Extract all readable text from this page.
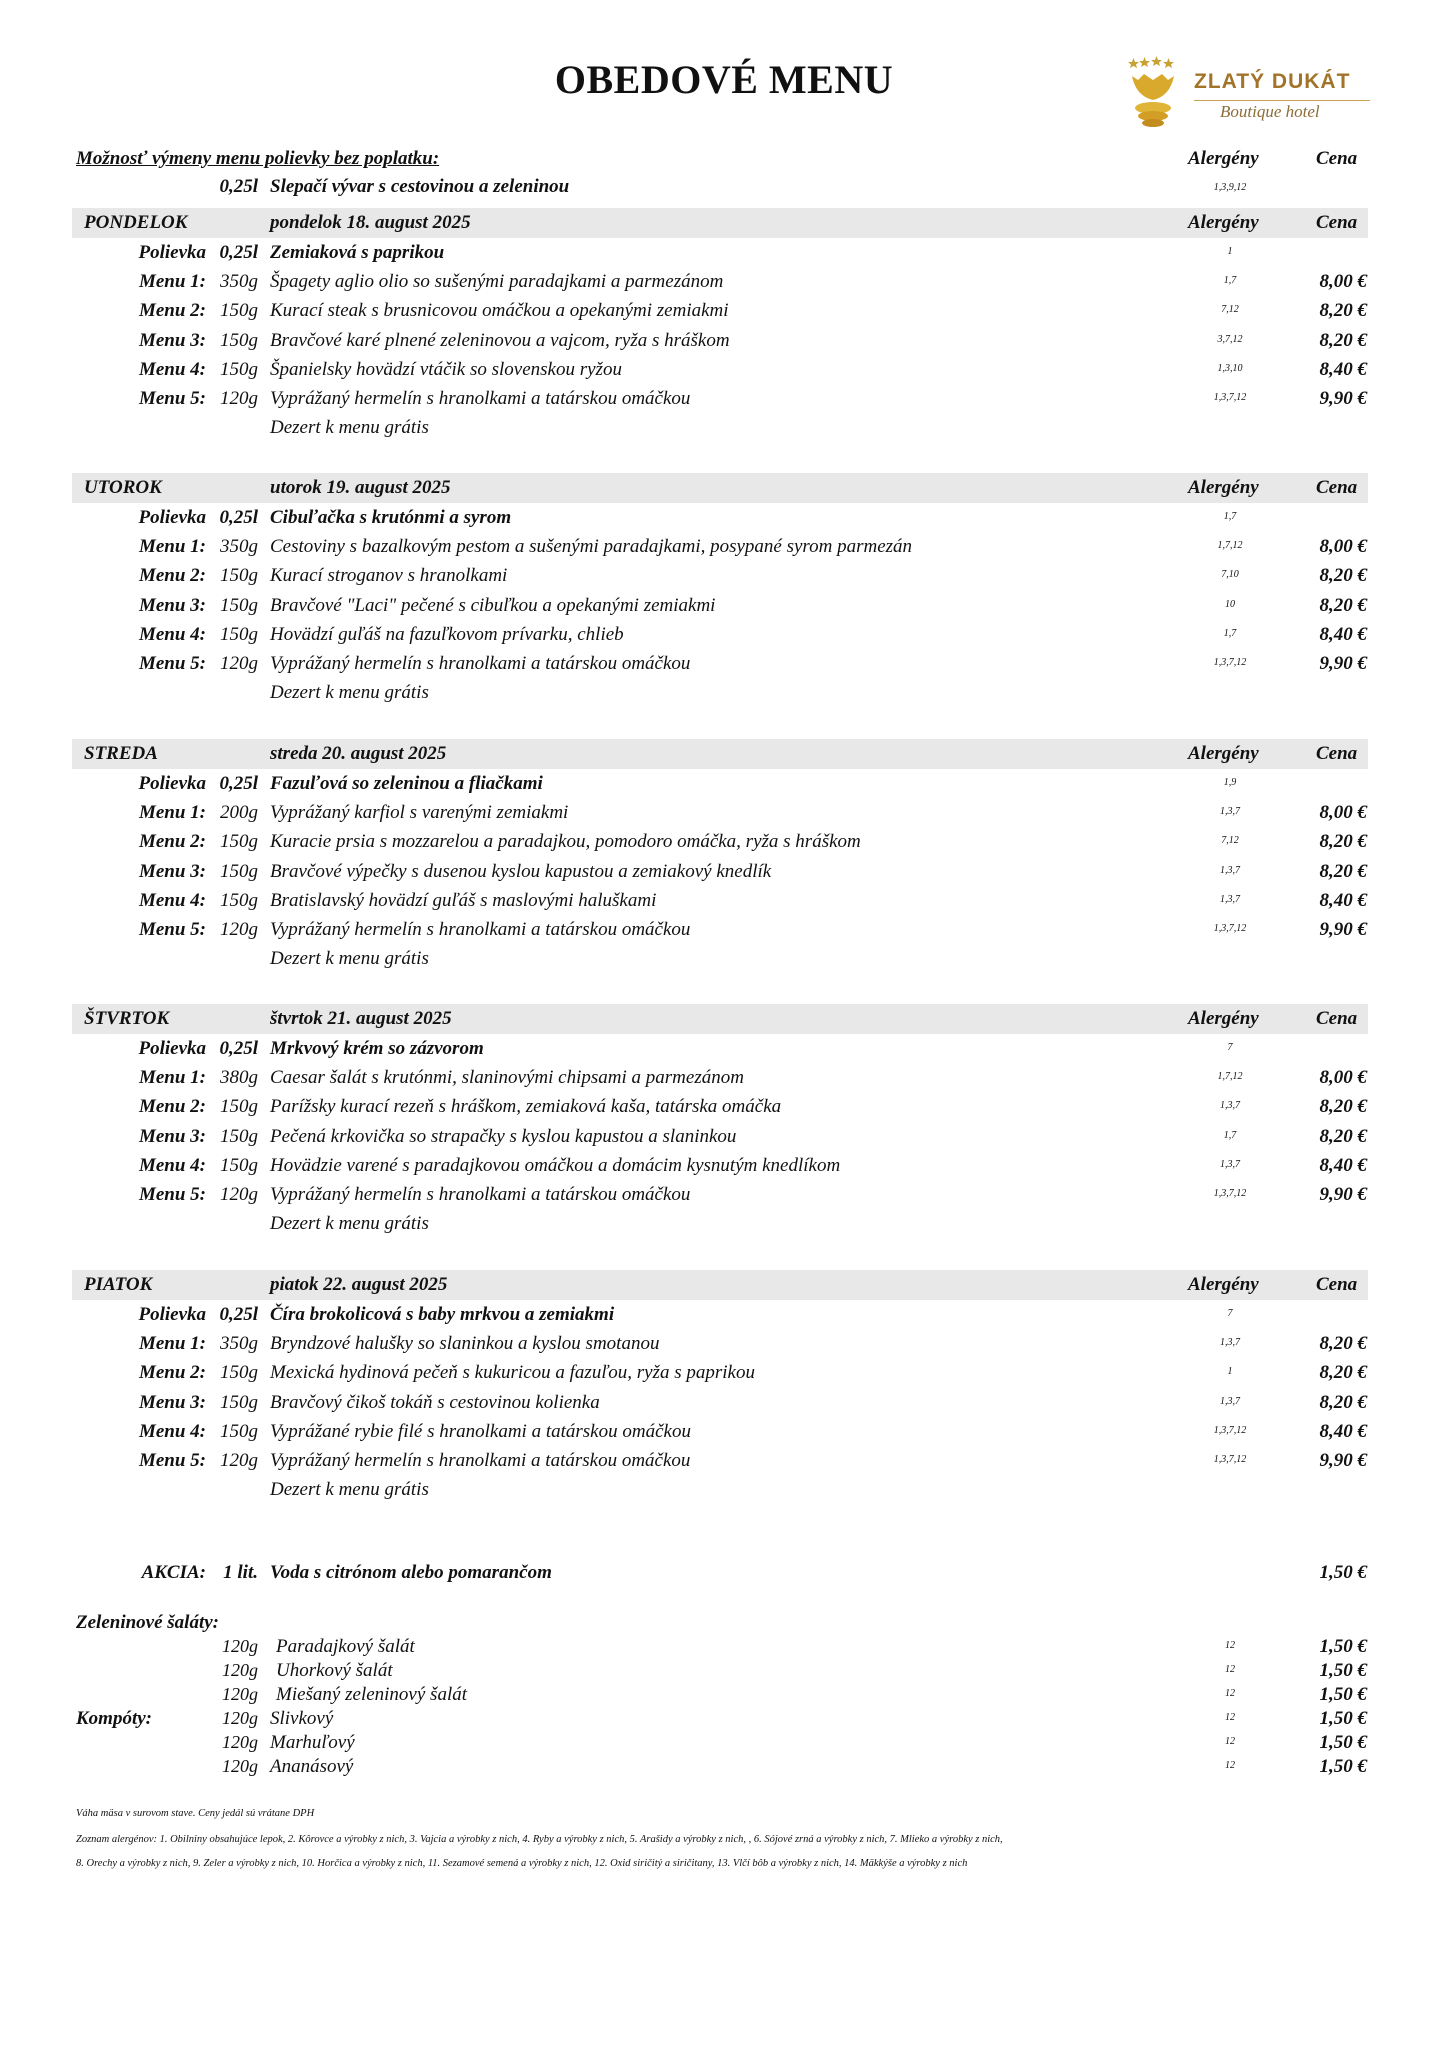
OBEDOVÉ MENU	ZLATÝ DUKÁT
Boutique hotel
Možnosť výmeny menu polievky bez poplatku:	Alergény	Cena
0,25l Slepačí vývar s cestovinou a zeleninou	1,3,9,12
PONDELOK	pondelok 18. august 2025	Alergény	Cena
Polievka 0,25l Zemiaková s paprikou	1
Menu 1: 350g Špagety aglio olio so sušenými paradajkami a parmezánom	1,7	8,00 €
Menu 2: 150g Kurací steak s brusnicovou omáčkou a opekanými zemiakmi	7,12	8,20 €
Menu 3: 150g Bravčové karé plnené zeleninovou a vajcom, ryža s hráškom	3,7,12	8,20 €
Menu 4: 150g Španielsky hovädzí vtáčik so slovenskou ryžou	1,3,10	8,40 €
Menu 5: 120g Vyprážaný hermelín s hranolkami a tatárskou omáčkou	1,3,7,12	9,90 €
Dezert k menu grátis
UTOROK	utorok 19. august 2025	Alergény	Cena
Polievka 0,25l Cibuľačka s krutónmi a syrom	1,7
Menu 1: 350g Cestoviny s bazalkovým pestom a sušenými paradajkami, posypané syrom parmezán	1,7,12	8,00 €
Menu 2: 150g Kurací stroganov s hranolkami	7,10	8,20 €
Menu 3: 150g Bravčové "Laci" pečené s cibuľkou a opekanými zemiakmi	10	8,20 €
Menu 4: 150g Hovädzí guľáš na fazuľkovom prívarku, chlieb	1,7	8,40 €
Menu 5: 120g Vyprážaný hermelín s hranolkami a tatárskou omáčkou	1,3,7,12	9,90 €
Dezert k menu grátis
STREDA	streda 20. august 2025	Alergény	Cena
Polievka 0,25l Fazuľová so zeleninou a fliačkami	1,9
Menu 1: 200g Vyprážaný karfiol s varenými zemiakmi	1,3,7	8,00 €
Menu 2: 150g Kuracie prsia s mozzarelou a paradajkou, pomodoro omáčka, ryža s hráškom	7,12	8,20 €
Menu 3: 150g Bravčové výpečky s dusenou kyslou kapustou a zemiakový knedlík	1,3,7	8,20 €
Menu 4: 150g Bratislavský hovädzí guľáš s maslovými haluškami	1,3,7	8,40 €
Menu 5: 120g Vyprážaný hermelín s hranolkami a tatárskou omáčkou	1,3,7,12	9,90 €
Dezert k menu grátis
ŠTVRTOK	štvrtok 21. august 2025	Alergény	Cena
Polievka 0,25l Mrkvový krém so zázvorom	7
Menu 1: 380g Caesar šalát s krutónmi, slaninovými chipsami a parmezánom	1,7,12	8,00 €
Menu 2: 150g Parížsky kurací rezeň s hráškom, zemiaková kaša, tatárska omáčka	1,3,7	8,20 €
Menu 3: 150g Pečená krkovička so strapačky s kyslou kapustou a slaninkou	1,7	8,20 €
Menu 4: 150g Hovädzie varené s paradajkovou omáčkou a domácim kysnutým knedlíkom	1,3,7	8,40 €
Menu 5: 120g Vyprážaný hermelín s hranolkami a tatárskou omáčkou	1,3,7,12	9,90 €
Dezert k menu grátis
PIATOK	piatok 22. august 2025	Alergény	Cena
Polievka 0,25l Číra brokolicová s baby mrkvou a zemiakmi	7
Menu 1: 350g Bryndzové halušky so slaninkou a kyslou smotanou	1,3,7	8,20 €
Menu 2: 150g Mexická hydinová pečeň s kukuricou a fazuľou, ryža s paprikou	1	8,20 €
Menu 3: 150g Bravčový čikoš tokáň s cestovinou kolienka	1,3,7	8,20 €
Menu 4: 150g Vyprážané rybie filé s hranolkami a tatárskou omáčkou	1,3,7,12	8,40 €
Menu 5: 120g Vyprážaný hermelín s hranolkami a tatárskou omáčkou	1,3,7,12	9,90 €
Dezert k menu grátis
AKCIA: 1 lit. Voda s citrónom alebo pomarančom	1,50 €
Zeleninové šaláty:
Kompóty:
120g Paradajkový šalát	12	1,50 €
120g Uhorkový šalát	12	1,50 €
120g Miešaný zeleninový šalát	12	1,50 €
120g Slivkový	12	1,50 €
120g Marhuľový	12	1,50 €
120g Ananásový	12	1,50 €
Váha mäsa v surovom stave. Ceny jedál sú vrátane DPH
Zoznam alergénov: 1. Obilniny obsahujúce lepok, 2. Kôrovce a výrobky z nich, 3. Vajcia a výrobky z nich, 4. Ryby a výrobky z nich, 5. Arašidy a výrobky z nich, , 6. Sójové zrná a výrobky z nich, 7. Mlieko a výrobky z nich,
8. Orechy a výrobky z nich, 9. Zeler a výrobky z nich, 10. Horčica a výrobky z nich, 11. Sezamové semená a výrobky z nich, 12. Oxid siričitý a siričitany, 13. Vlčí bôb a výrobky z nich, 14. Mäkkýše a výrobky z nich
